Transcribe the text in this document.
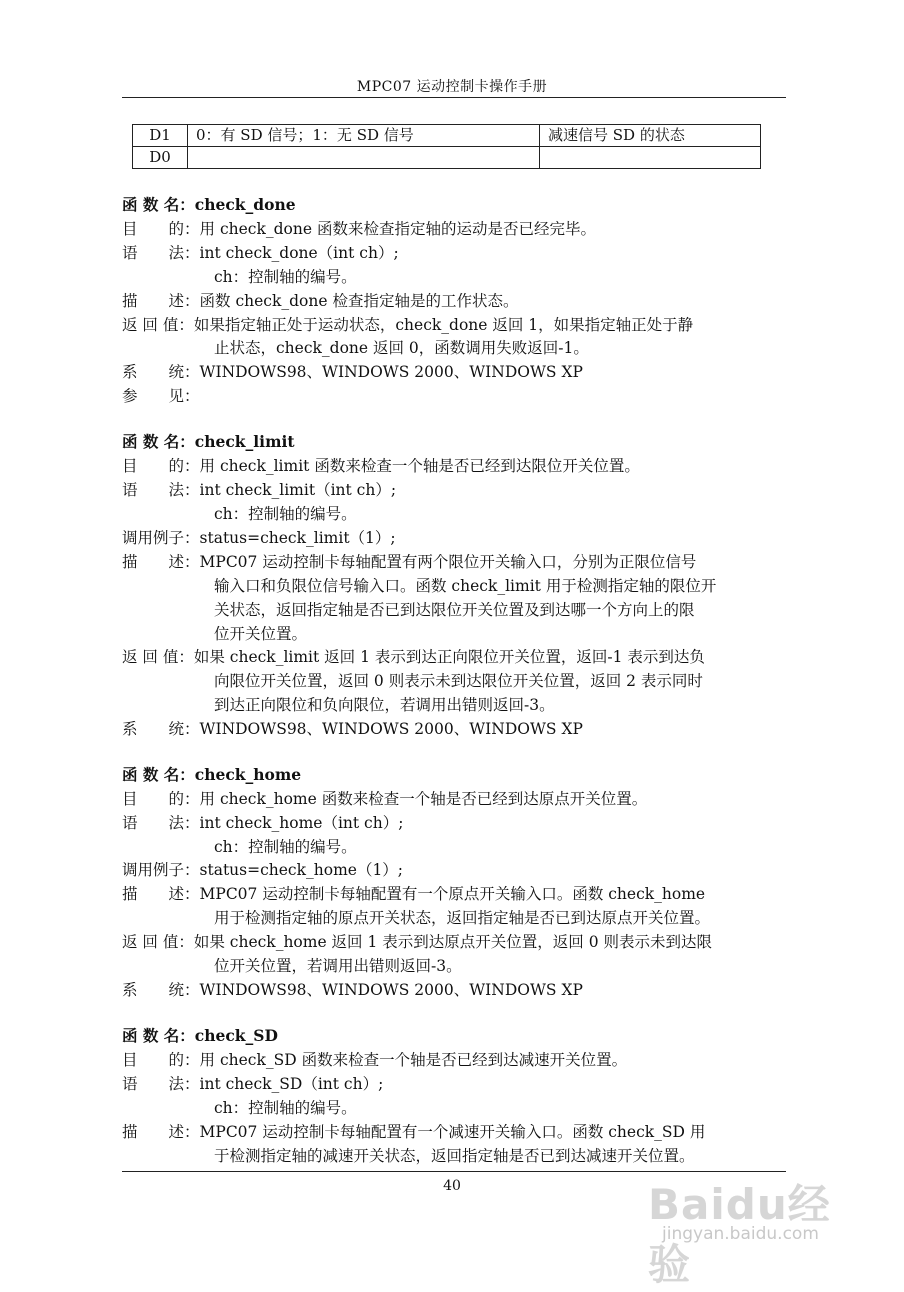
MPC07 运动控制卡操作手册
D1	0：有 SD 信号；1：无 SD 信号	减速信号 SD 的状态
D0		
函 数 名：check_done
目　　的：用 check_done 函数来检查指定轴的运动是否已经完毕。
语　　法：int check_done（int ch）;
ch：控制轴的编号。
描　　述：函数 check_done 检查指定轴是的工作状态。
返 回 值：如果指定轴正处于运动状态，check_done 返回 1，如果指定轴正处于静
止状态，check_done 返回 0，函数调用失败返回-1。
系　　统：WINDOWS98、WINDOWS 2000、WINDOWS XP
参　　见：
函 数 名：check_limit
目　　的：用 check_limit 函数来检查一个轴是否已经到达限位开关位置。
语　　法：int check_limit（int ch）;
ch：控制轴的编号。
调用例子：status=check_limit（1）;
描　　述：MPC07 运动控制卡每轴配置有两个限位开关输入口，分别为正限位信号
输入口和负限位信号输入口。函数 check_limit 用于检测指定轴的限位开
关状态，返回指定轴是否已到达限位开关位置及到达哪一个方向上的限
位开关位置。
返 回 值：如果 check_limit 返回 1 表示到达正向限位开关位置，返回-1 表示到达负
向限位开关位置，返回 0 则表示未到达限位开关位置，返回 2 表示同时
到达正向限位和负向限位，若调用出错则返回-3。
系　　统：WINDOWS98、WINDOWS 2000、WINDOWS XP
函 数 名：check_home
目　　的：用 check_home 函数来检查一个轴是否已经到达原点开关位置。
语　　法：int check_home（int ch）;
ch：控制轴的编号。
调用例子：status=check_home（1）;
描　　述：MPC07 运动控制卡每轴配置有一个原点开关输入口。函数 check_home
用于检测指定轴的原点开关状态，返回指定轴是否已到达原点开关位置。
返 回 值：如果 check_home 返回 1 表示到达原点开关位置，返回 0 则表示未到达限
位开关位置，若调用出错则返回-3。
系　　统：WINDOWS98、WINDOWS 2000、WINDOWS XP
函 数 名：check_SD
目　　的：用 check_SD 函数来检查一个轴是否已经到达减速开关位置。
语　　法：int check_SD（int ch）;
ch：控制轴的编号。
描　　述：MPC07 运动控制卡每轴配置有一个减速开关输入口。函数 check_SD 用
于检测指定轴的减速开关状态，返回指定轴是否已到达减速开关位置。
40	Baidu经验
jingyan.baidu.com
